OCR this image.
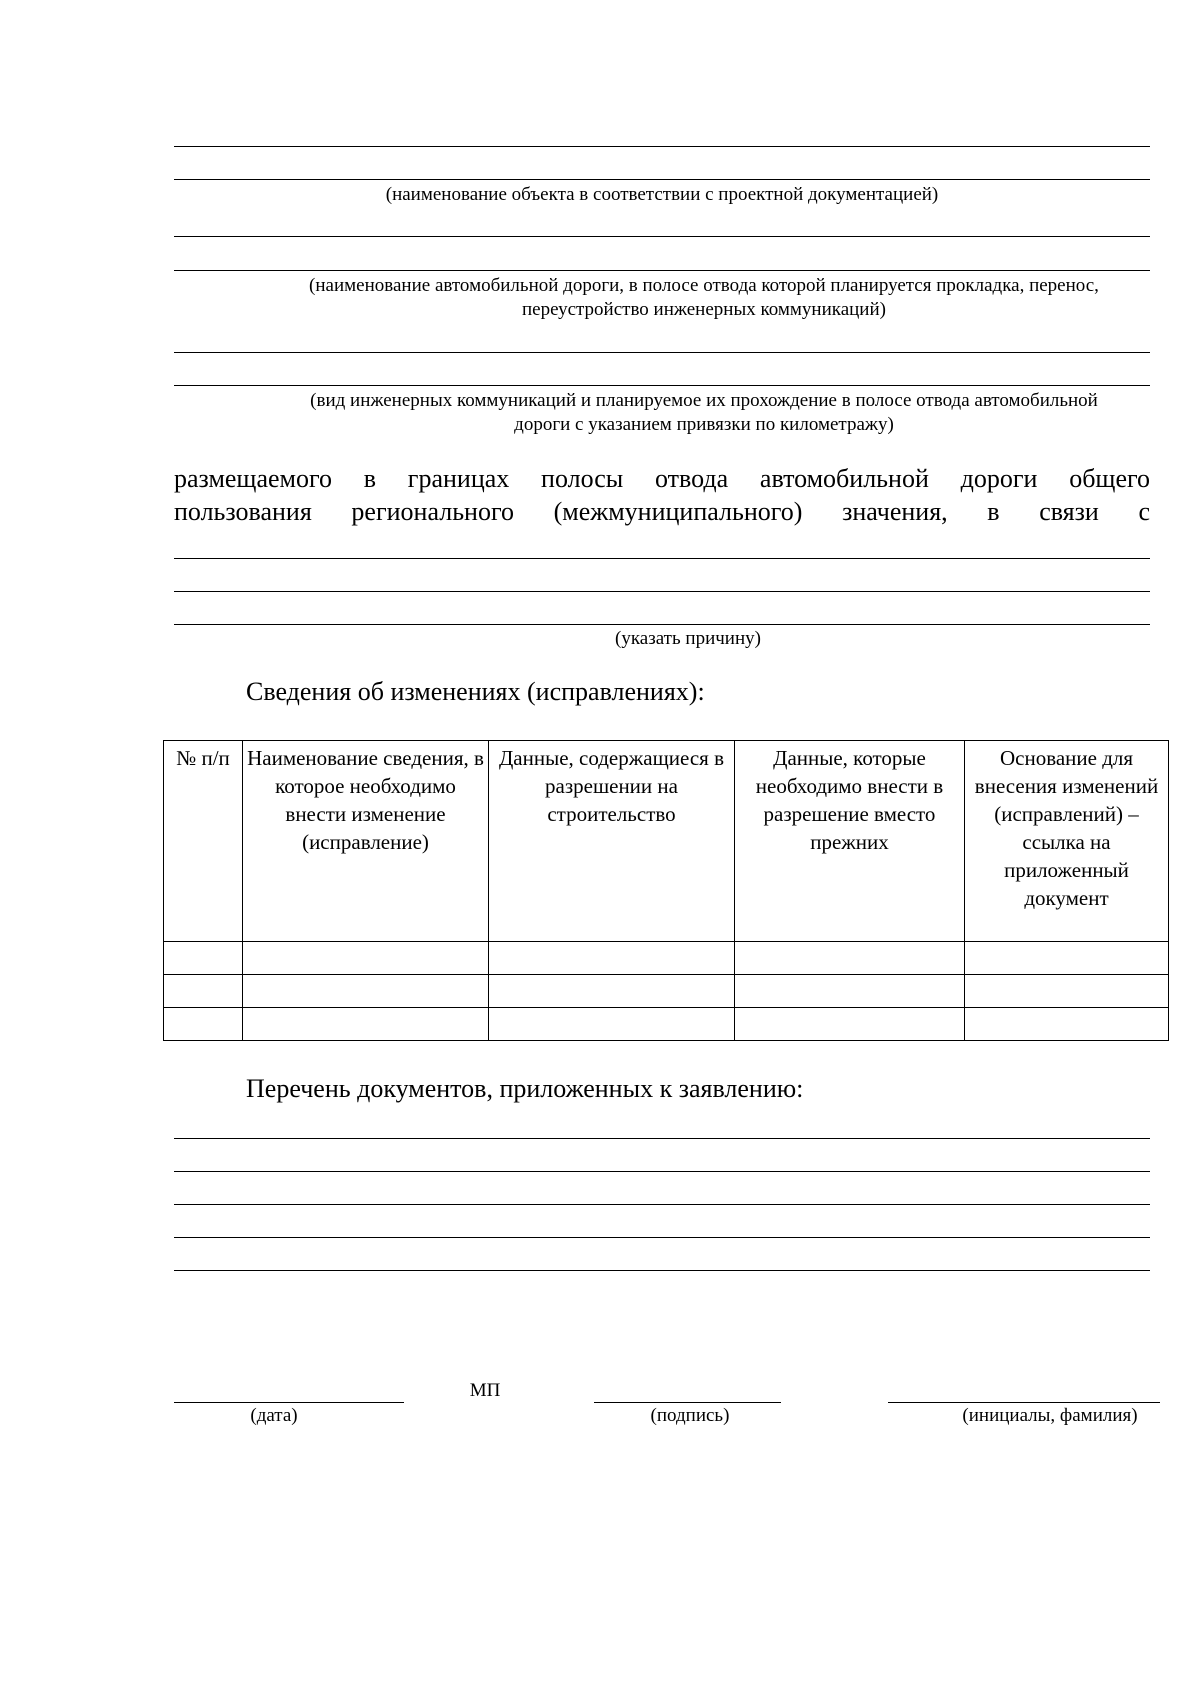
(наименование объекта в соответствии с проектной документацией)
(наименование автомобильной дороги, в полосе отвода которой планируется прокладка, перенос,
переустройство инженерных коммуникаций)
(вид инженерных коммуникаций и планируемое их прохождение в полосе отвода автомобильной
дороги с указанием привязки по километражу)
размещаемого в границах полосы отвода автомобильной дороги общего
пользования регионального (межмуниципального) значения, в связи с
(указать причину)
Сведения об изменениях (исправлениях):
№ п/п	Наименование сведения, в которое необходимо внести изменение (исправление)	Данные, содержащиеся в разрешении на строительство	Данные, которые необходимо внести в разрешение вместо прежних	Основание для внесения изменений (исправлений) – ссылка на приложенный документ

Перечень документов, приложенных к заявлению:
МП
(дата)	(подпись)	(инициалы, фамилия)
